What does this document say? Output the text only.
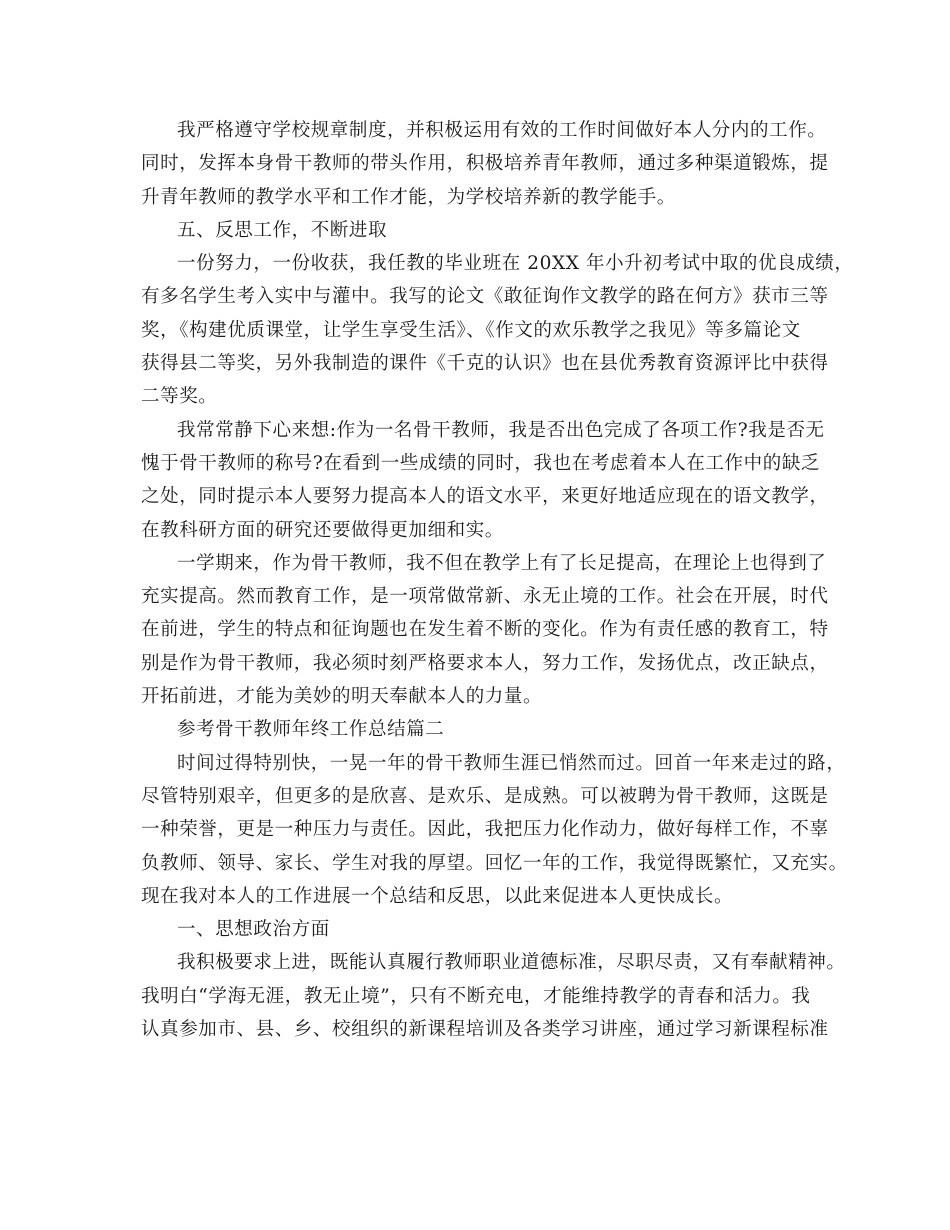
我严格遵守学校规章制度，并积极运用有效的工作时间做好本人分内的工作。
同时，发挥本身骨干教师的带头作用，积极培养青年教师，通过多种渠道锻炼，提
升青年教师的教学水平和工作才能，为学校培养新的教学能手。
五、反思工作，不断进取
一份努力，一份收获，我任教的毕业班在 20XX 年小升初考试中取的优良成绩，
有多名学生考入实中与灌中。我写的论文《敢征询作文教学的路在何方》获市三等
奖，《构建优质课堂，让学生享受生活》、《作文的欢乐教学之我见》等多篇论文
获得县二等奖，另外我制造的课件《千克的认识》也在县优秀教育资源评比中获得
二等奖。
我常常静下心来想:作为一名骨干教师，我是否出色完成了各项工作?我是否无
愧于骨干教师的称号?在看到一些成绩的同时，我也在考虑着本人在工作中的缺乏
之处，同时提示本人要努力提高本人的语文水平，来更好地适应现在的语文教学，
在教科研方面的研究还要做得更加细和实。
一学期来，作为骨干教师，我不但在教学上有了长足提高，在理论上也得到了
充实提高。然而教育工作，是一项常做常新、永无止境的工作。社会在开展，时代
在前进，学生的特点和征询题也在发生着不断的变化。作为有责任感的教育工，特
别是作为骨干教师，我必须时刻严格要求本人，努力工作，发扬优点，改正缺点，
开拓前进，才能为美妙的明天奉献本人的力量。
参考骨干教师年终工作总结篇二
时间过得特别快，一晃一年的骨干教师生涯已悄然而过。回首一年来走过的路，
尽管特别艰辛，但更多的是欣喜、是欢乐、是成熟。可以被聘为骨干教师，这既是
一种荣誉，更是一种压力与责任。因此，我把压力化作动力，做好每样工作，不辜
负教师、领导、家长、学生对我的厚望。回忆一年的工作，我觉得既繁忙，又充实。
现在我对本人的工作进展一个总结和反思，以此来促进本人更快成长。
一、思想政治方面
我积极要求上进，既能认真履行教师职业道德标准，尽职尽责，又有奉献精神。
我明白“学海无涯，教无止境”，只有不断充电，才能维持教学的青春和活力。我
认真参加市、县、乡、校组织的新课程培训及各类学习讲座，通过学习新课程标准
